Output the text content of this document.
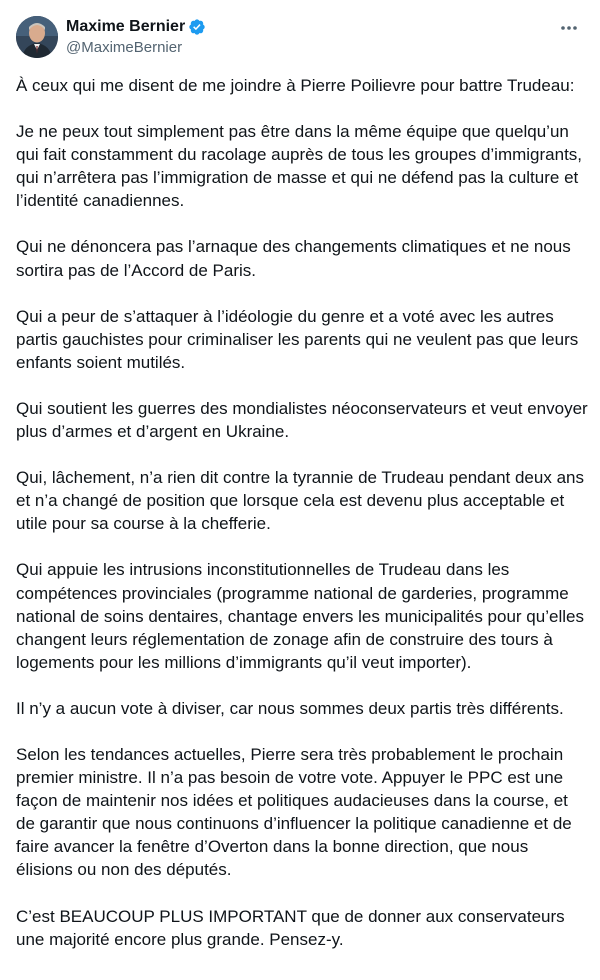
Maxime Bernier
@MaximeBernier

À ceux qui me disent de me joindre à Pierre Poilievre pour battre Trudeau:

Je ne peux tout simplement pas être dans la même équipe que quelqu’un qui fait constamment du racolage auprès de tous les groupes d’immigrants, qui n’arrêtera pas l’immigration de masse et qui ne défend pas la culture et l’identité canadiennes.

Qui ne dénoncera pas l’arnaque des changements climatiques et ne nous sortira pas de l’Accord de Paris.

Qui a peur de s’attaquer à l’idéologie du genre et a voté avec les autres partis gauchistes pour criminaliser les parents qui ne veulent pas que leurs enfants soient mutilés.

Qui soutient les guerres des mondialistes néoconservateurs et veut envoyer plus d’armes et d’argent en Ukraine.

Qui, lâchement, n’a rien dit contre la tyrannie de Trudeau pendant deux ans et n’a changé de position que lorsque cela est devenu plus acceptable et utile pour sa course à la chefferie.

Qui appuie les intrusions inconstitutionnelles de Trudeau dans les compétences provinciales (programme national de garderies, programme national de soins dentaires, chantage envers les municipalités pour qu’elles changent leurs réglementation de zonage afin de construire des tours à logements pour les millions d’immigrants qu’il veut importer).

Il n’y a aucun vote à diviser, car nous sommes deux partis très différents.

Selon les tendances actuelles, Pierre sera très probablement le prochain premier ministre. Il n’a pas besoin de votre vote. Appuyer le PPC est une façon de maintenir nos idées et politiques audacieuses dans la course, et de garantir que nous continuons d’influencer la politique canadienne et de faire avancer la fenêtre d’Overton dans la bonne direction, que nous élisions ou non des députés.

C’est BEAUCOUP PLUS IMPORTANT que de donner aux conservateurs une majorité encore plus grande. Pensez-y.
